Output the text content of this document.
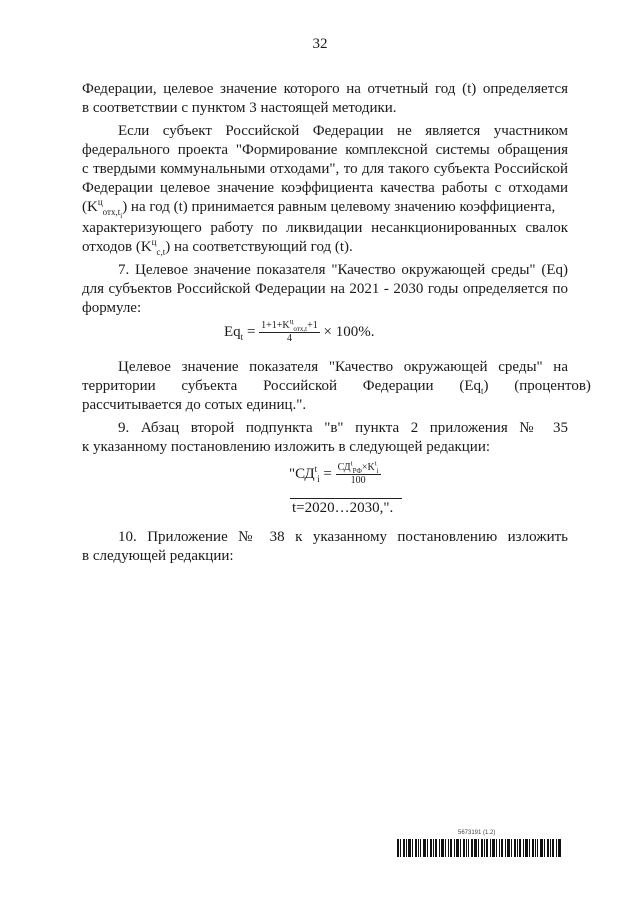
32
Федерации, целевое значение которого на отчетный год (t) определяется
в соответствии с пунктом 3 настоящей методики.
Если субъект Российской Федерации не является участником
федерального проекта "Формирование комплексной системы обращения
с твердыми коммунальными отходами", то для такого субъекта Российской
Федерации целевое значение коэффициента качества работы с отходами
$(K^ц_{отх,t_i})$ на год (t) принимается равным целевому значению коэффициента,
характеризующего работу по ликвидации несанкционированных свалок
отходов $(K^ц_{c,t})$ на соответствующий год (t).
7. Целевое значение показателя "Качество окружающей среды" (Eq)
для субъектов Российской Федерации на 2021 - 2030 годы определяется по
формуле:
$Eq_t = \frac{1+1+K^ц_{отх,t}+1}{4} \times 100\%$.
Целевое значение показателя "Качество окружающей среды" на
территории субъекта Российской Федерации $(Eq_t)$ (процентов)
рассчитывается до сотых единиц.".
9. Абзац второй подпункта "в" пункта 2 приложения № 35
к указанному постановлению изложить в следующей редакции:
"$СД^t_i = \frac{СД^t_{РФ}\times K^t_i}{100}$
t=2020…2030,".
10. Приложение № 38 к указанному постановлению изложить
в следующей редакции:
5673191 (1.2)
